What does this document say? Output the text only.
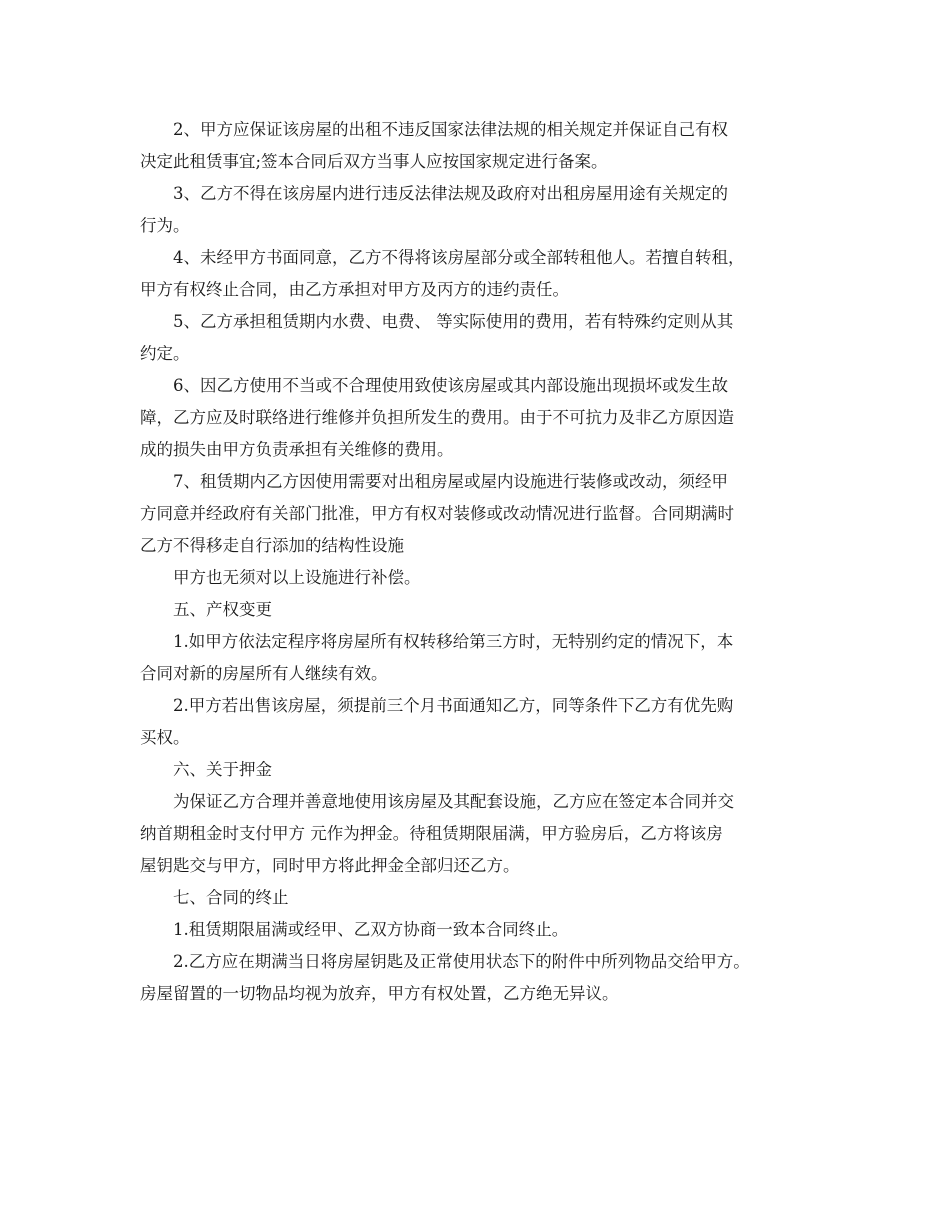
2、甲方应保证该房屋的出租不违反国家法律法规的相关规定并保证自己有权
决定此租赁事宜;签本合同后双方当事人应按国家规定进行备案。
3、乙方不得在该房屋内进行违反法律法规及政府对出租房屋用途有关规定的
行为。
4、未经甲方书面同意，乙方不得将该房屋部分或全部转租他人。若擅自转租，
甲方有权终止合同，由乙方承担对甲方及丙方的违约责任。
5、乙方承担租赁期内水费、电费、 等实际使用的费用，若有特殊约定则从其
约定。
6、因乙方使用不当或不合理使用致使该房屋或其内部设施出现损坏或发生故
障，乙方应及时联络进行维修并负担所发生的费用。由于不可抗力及非乙方原因造
成的损失由甲方负责承担有关维修的费用。
7、租赁期内乙方因使用需要对出租房屋或屋内设施进行装修或改动，须经甲
方同意并经政府有关部门批准，甲方有权对装修或改动情况进行监督。合同期满时
乙方不得移走自行添加的结构性设施
甲方也无须对以上设施进行补偿。
五、产权变更
1.如甲方依法定程序将房屋所有权转移给第三方时，无特别约定的情况下，本
合同对新的房屋所有人继续有效。
2.甲方若出售该房屋，须提前三个月书面通知乙方，同等条件下乙方有优先购
买权。
六、关于押金
为保证乙方合理并善意地使用该房屋及其配套设施，乙方应在签定本合同并交
纳首期租金时支付甲方 元作为押金。待租赁期限届满，甲方验房后，乙方将该房
屋钥匙交与甲方，同时甲方将此押金全部归还乙方。
七、合同的终止
1.租赁期限届满或经甲、乙双方协商一致本合同终止。
2.乙方应在期满当日将房屋钥匙及正常使用状态下的附件中所列物品交给甲方。
房屋留置的一切物品均视为放弃，甲方有权处置，乙方绝无异议。
